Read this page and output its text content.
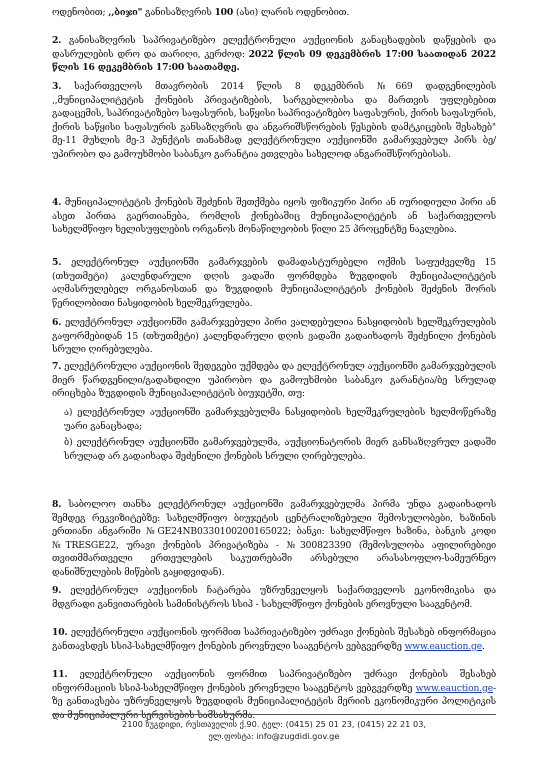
ოდენობით; ,,ბიჯი" განისაზღვრის 100 (ასი) ლარის ოდენობით.

2. განისაზღვრის საპრივატიზებო ელექტრონული აუქციონის განაცხადების დაწყების და დასრულების დრო და თარიღი, კერძოდ: 2022 წლის 09 დეკემბრის 17:00 საათიდან 2022 წლის 16 დეკემბრის 17:00 საათამდე.

3. საქართველოს მთავრობის 2014 წლის 8 დეკემბრის №669 დადგენილების ,,მუნიციპალიტეტის ქონების პრივატიზების, სარგებლობისა და მართვის უფლებებით გადაცემის, საპრივატიზებო საფასურის, საწყისი საპრივატიზებო საფასურის, ქირის საფასურის, ქირის საწყისი საფასურის განსაზღვრის და ანგარიშსწორების წესების დამტკიცების შესახებ" მე-11 მუხლის მე-3 პუნქტის თანახმად ელექტრონული აუქციონში გამარჯვებულ პირს ბე/უპირობო და გამოუხმობი საბანკო გარანტია ეთვლება სახელოდ ანგარიშსწორებისას.

4. მუნიციპალიტეტის ქონების შეძენის შეთქმება იყოს ფიზიკური პირი ან იურიდიული პირი ან ასეთ პირთა გაერთიანება, რომლის ქონებაშიც მუნიციპალიტეტის ან საქართველოს სახელმწიფო ხელისუფლების ორგანოს მონაწილეობის წილი 25 პროცენტზე ნაკლებია.

5. ელექტრონულ აუქციონში გამარჯვების დამადასტურებელი ოქმის საფუძველზე 15 (თხუთმეტი) კალენდარული დღის ვადაში ფორმდება ზუგდიდის მუნიციპალიტეტის აღმასრულებელ ორგანოსთან და ზუგდიდის მუნიციპალიტეტის ქონების შეძენის შორის წერილობითი ნასყიდობის ხელშეკრულება.

6. ელექტრონულ აუქციონში გამარჯვებული პირი ვალდებულია ნასყიდობის ხელშეკრულების გაფორმებიდან 15 (თხუთმეტი) კალენდარული დღის ვადაში გადაიხადოს შეძენილი ქონების სრული ღირებულება.

7. ელექტრონული აუქციონის შედეგები უქმდება და ელექტრონულ აუქციონში გამარჯვებულის მიერ წარდგენილი/გადახდილი უპირობო და გამოუხმობი საბანკო გარანტია/ბე სრულად ირიცხება ზუგდიდის მუნიციპალიტეტის ბიუჯეტში, თუ:

ა) ელექტრონულ აუქციონში გამარჯვებულმა ნასყიდობის ხელშეკრულების ხელმოწერაზე უარი განაცხადა;

ბ) ელექტრონულ აუქციონში გამარჯვებულმა, აუქციონატორის მიერ განსაზღვრულ ვადაში სრულად არ გადაიხადა შეძენილი ქონების სრული ღირებულება.

8. საბოლოო თანხა ელექტრონულ აუქციონში გამარჯვებულმა პირმა უნდა გადაიხადოს შემდეგ რეკვიზიტებზე: სახელმწიფო ბიუჯეტის ცენტრალიზებული შემოსულობები, ხაზინის ერთიანი ანგარიში №GE24NB0330100200165022; ბანკი: სახელმწიფო ხაზინა, ბანკის კოდი №TRESGE22, ურავი ქონების პრივატიზება - №300823390 (შემოსულობა აფილირებიეი თვითმმართველი ერთეულების საკუთრებაში არსებული არასასოფლო-სამეურნეო დანიშნულების მიწების გაყიდვიდან).

9. ელექტრონულ აუქციონის ჩატარება უზრუნველყოს საქართველოს ეკონომიკისა და მდგრადი განვითარების სამინისტროს სსიპ - სახელმწიფო ქონების ეროვნული სააგენტომ.

10. ელექტრონული აუქციონის ფორმით საპრივატიზებო უძრავი ქონების შესახებ ინფორმაცია განთავსდეს სსიპ-სახელმწიფო ქონების ეროვნული სააგენტოს ვებგვერდზე www.eauction.ge.

11. ელექტრონული აუქციონის ფორმით საპრივატიზებო უძრავი ქონების შესახებ ინფორმაციის სსიპ-სახელმწიფო ქონების ეროვნული სააგენტოს ვებგვერდზე www.eauction.ge-ზე განთავსება უზრუნველყოს ზუგდიდის მუნიციპალიტეტის მერიის ეკონომიკური პოლიტიკის და მუნიციპალური სერვისების სამსახურმა.

2100 ზუგდიდი, რუსთაველის ქ.90. ტელ: (0415) 25 01 23, (0415) 22 21 03,
ელ.ფოსტა: info@zugdidi.gov.ge
